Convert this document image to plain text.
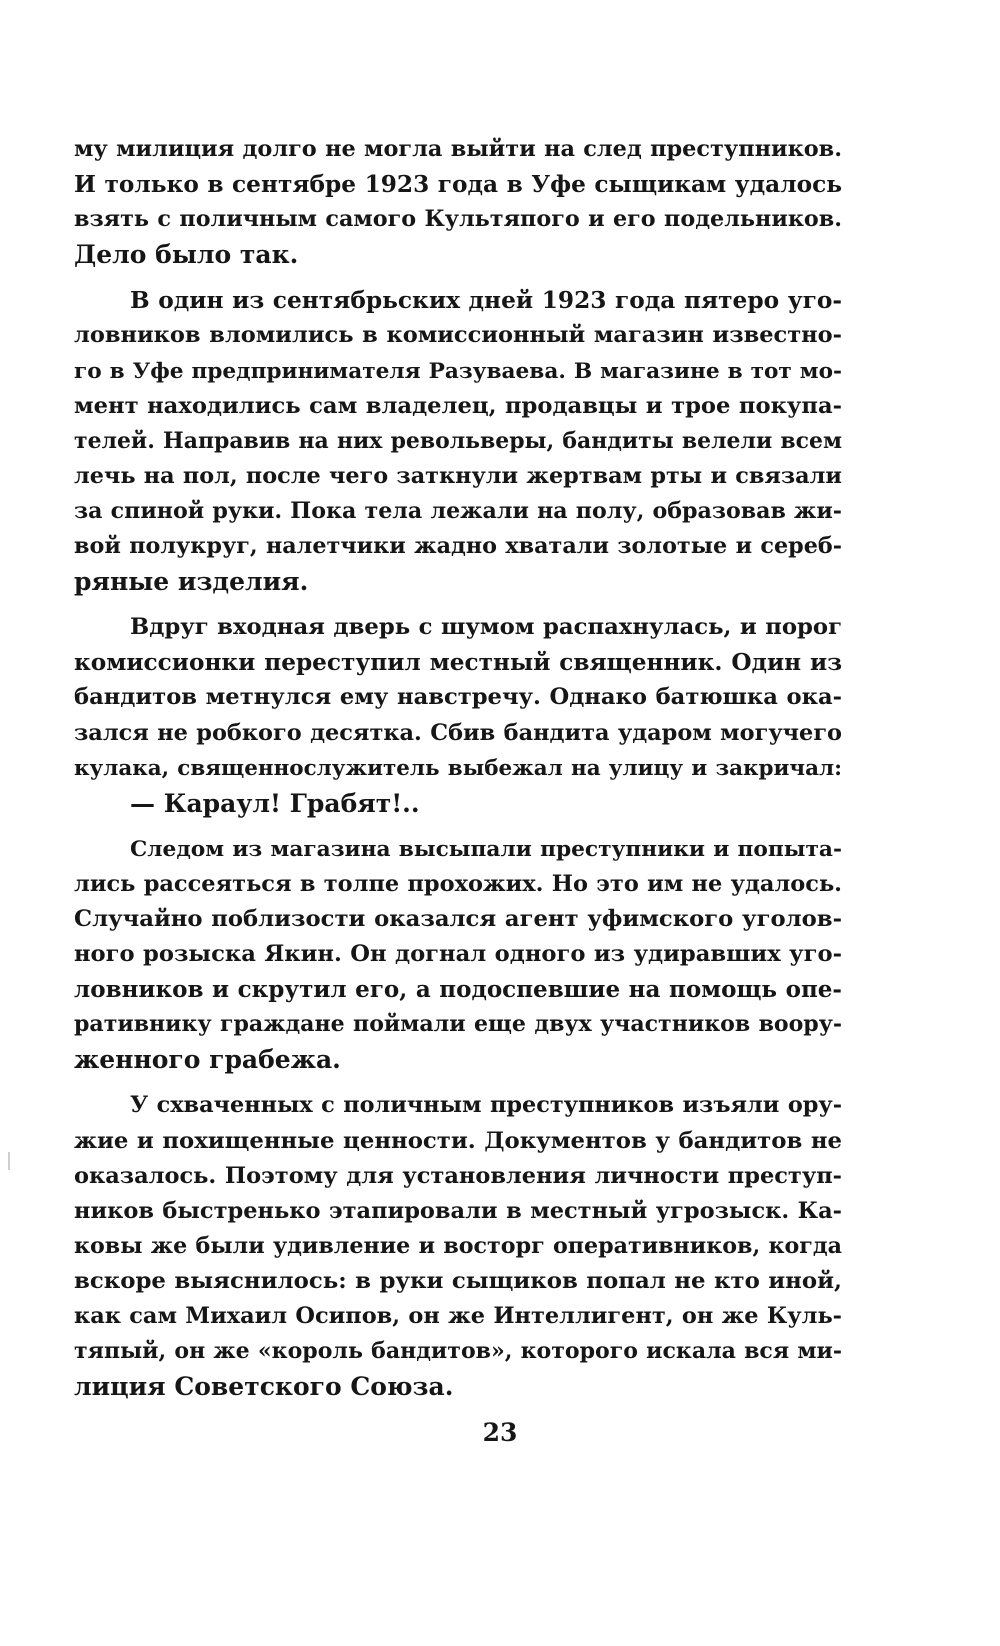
му милиция долго не могла выйти на след преступников.
И только в сентябре 1923 года в Уфе сыщикам удалось
взять с поличным самого Культяпого и его подельников.
Дело было так.
В один из сентябрьских дней 1923 года пятеро уго-
ловников вломились в комиссионный магазин известно-
го в Уфе предпринимателя Разуваева. В магазине в тот мо-
мент находились сам владелец, продавцы и трое покупа-
телей. Направив на них револьверы, бандиты велели всем
лечь на пол, после чего заткнули жертвам рты и связали
за спиной руки. Пока тела лежали на полу, образовав жи-
вой полукруг, налетчики жадно хватали золотые и сереб-
ряные изделия.
Вдруг входная дверь с шумом распахнулась, и порог
комиссионки переступил местный священник. Один из
бандитов метнулся ему навстречу. Однако батюшка ока-
зался не робкого десятка. Сбив бандита ударом могучего
кулака, священнослужитель выбежал на улицу и закричал:
— Караул! Грабят!..
Следом из магазина высыпали преступники и попыта-
лись рассеяться в толпе прохожих. Но это им не удалось.
Случайно поблизости оказался агент уфимского уголов-
ного розыска Якин. Он догнал одного из удиравших уго-
ловников и скрутил его, а подоспевшие на помощь опе-
ративнику граждане поймали еще двух участников воору-
женного грабежа.
У схваченных с поличным преступников изъяли ору-
жие и похищенные ценности. Документов у бандитов не
оказалось. Поэтому для установления личности преступ-
ников быстренько этапировали в местный угрозыск. Ка-
ковы же были удивление и восторг оперативников, когда
вскоре выяснилось: в руки сыщиков попал не кто иной,
как сам Михаил Осипов, он же Интеллигент, он же Куль-
тяпый, он же «король бандитов», которого искала вся ми-
лиция Советского Союза.
23
